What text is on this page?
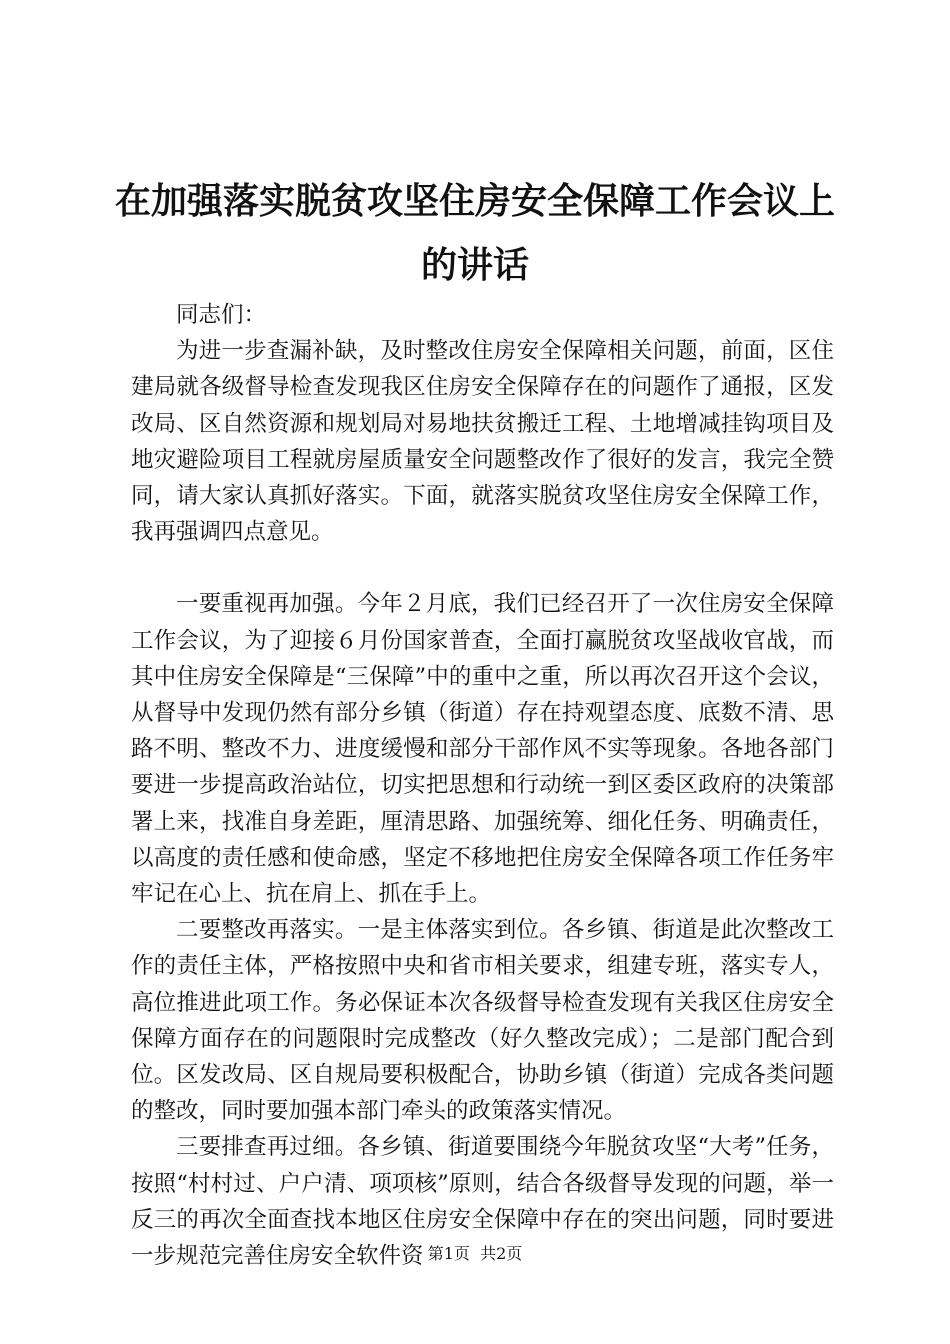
在加强落实脱贫攻坚住房安全保障工作会议上
的讲话

同志们：

为进一步查漏补缺，及时整改住房安全保障相关问题，前面，区住建局就各级督导检查发现我区住房安全保障存在的问题作了通报，区发改局、区自然资源和规划局对易地扶贫搬迁工程、土地增减挂钩项目及地灾避险项目工程就房屋质量安全问题整改作了很好的发言，我完全赞同，请大家认真抓好落实。下面，就落实脱贫攻坚住房安全保障工作，我再强调四点意见。

一要重视再加强。今年２月底，我们已经召开了一次住房安全保障工作会议，为了迎接６月份国家普查，全面打赢脱贫攻坚战收官战，而其中住房安全保障是“三保障”中的重中之重，所以再次召开这个会议，从督导中发现仍然有部分乡镇（街道）存在持观望态度、底数不清、思路不明、整改不力、进度缓慢和部分干部作风不实等现象。各地各部门要进一步提高政治站位，切实把思想和行动统一到区委区政府的决策部署上来，找准自身差距，厘清思路、加强统筹、细化任务、明确责任，以高度的责任感和使命感，坚定不移地把住房安全保障各项工作任务牢牢记在心上、抗在肩上、抓在手上。

二要整改再落实。一是主体落实到位。各乡镇、街道是此次整改工作的责任主体，严格按照中央和省市相关要求，组建专班，落实专人，高位推进此项工作。务必保证本次各级督导检查发现有关我区住房安全保障方面存在的问题限时完成整改（好久整改完成）；二是部门配合到位。区发改局、区自规局要积极配合，协助乡镇（街道）完成各类问题的整改，同时要加强本部门牵头的政策落实情况。

三要排查再过细。各乡镇、街道要围绕今年脱贫攻坚“大考”任务，按照“村村过、户户清、项项核”原则，结合各级督导发现的问题，举一反三的再次全面查找本地区住房安全保障中存在的突出问题，同时要进一步规范完善住房安全软件资 第1页  共2页
